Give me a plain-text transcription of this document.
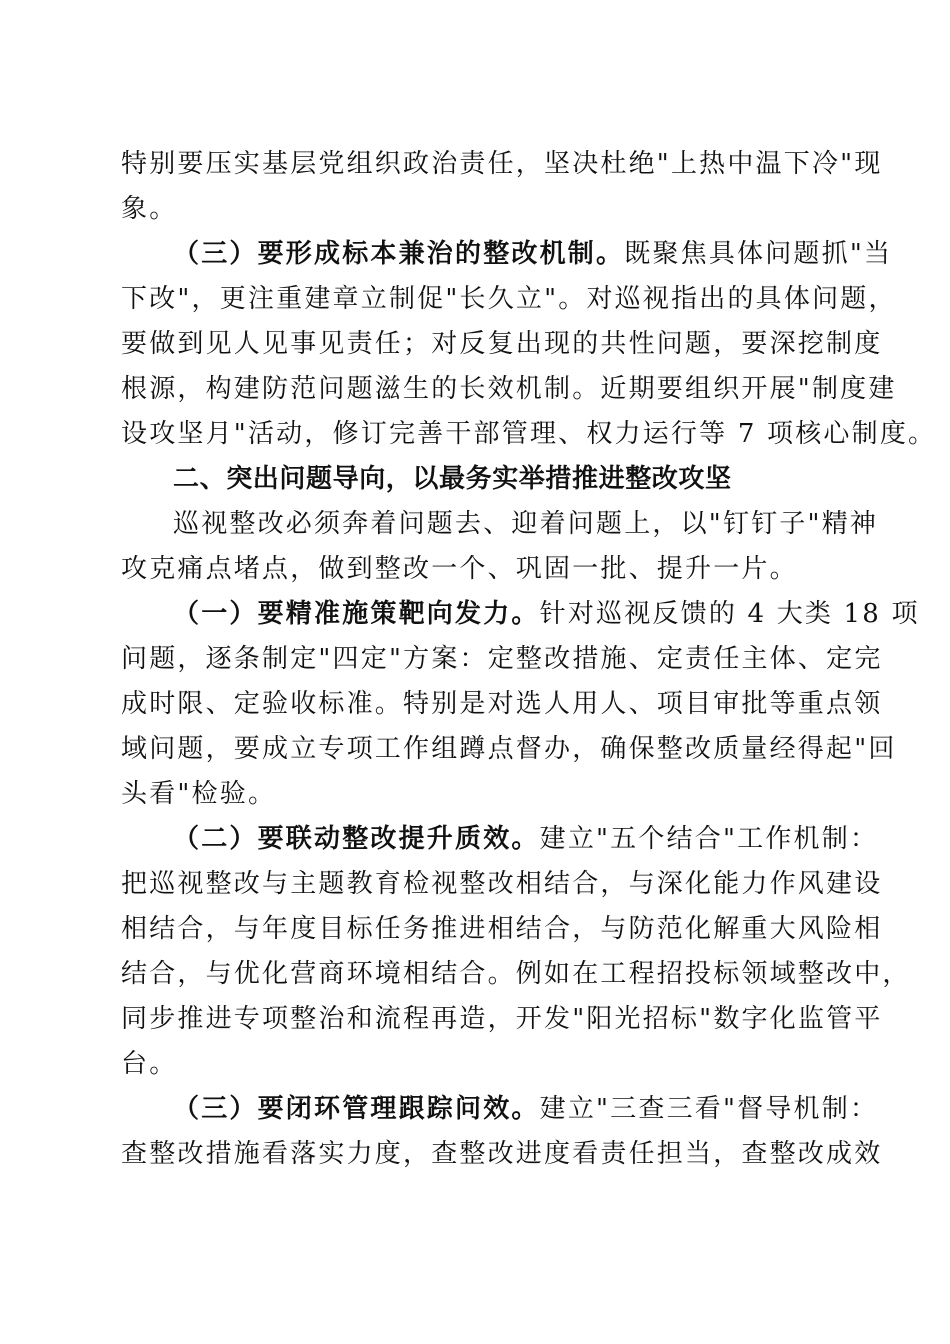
特别要压实基层党组织政治责任，坚决杜绝"上热中温下冷"现
象。
（三）要形成标本兼治的整改机制。既聚焦具体问题抓"当
下改"，更注重建章立制促"长久立"。对巡视指出的具体问题，
要做到见人见事见责任；对反复出现的共性问题，要深挖制度
根源，构建防范问题滋生的长效机制。近期要组织开展"制度建
设攻坚月"活动，修订完善干部管理、权力运行等 7 项核心制度。
二、突出问题导向，以最务实举措推进整改攻坚
巡视整改必须奔着问题去、迎着问题上，以"钉钉子"精神
攻克痛点堵点，做到整改一个、巩固一批、提升一片。
（一）要精准施策靶向发力。针对巡视反馈的 4 大类 18 项
问题，逐条制定"四定"方案：定整改措施、定责任主体、定完
成时限、定验收标准。特别是对选人用人、项目审批等重点领
域问题，要成立专项工作组蹲点督办，确保整改质量经得起"回
头看"检验。
（二）要联动整改提升质效。建立"五个结合"工作机制：
把巡视整改与主题教育检视整改相结合，与深化能力作风建设
相结合，与年度目标任务推进相结合，与防范化解重大风险相
结合，与优化营商环境相结合。例如在工程招投标领域整改中，
同步推进专项整治和流程再造，开发"阳光招标"数字化监管平
台。
（三）要闭环管理跟踪问效。建立"三查三看"督导机制：
查整改措施看落实力度，查整改进度看责任担当，查整改成效
